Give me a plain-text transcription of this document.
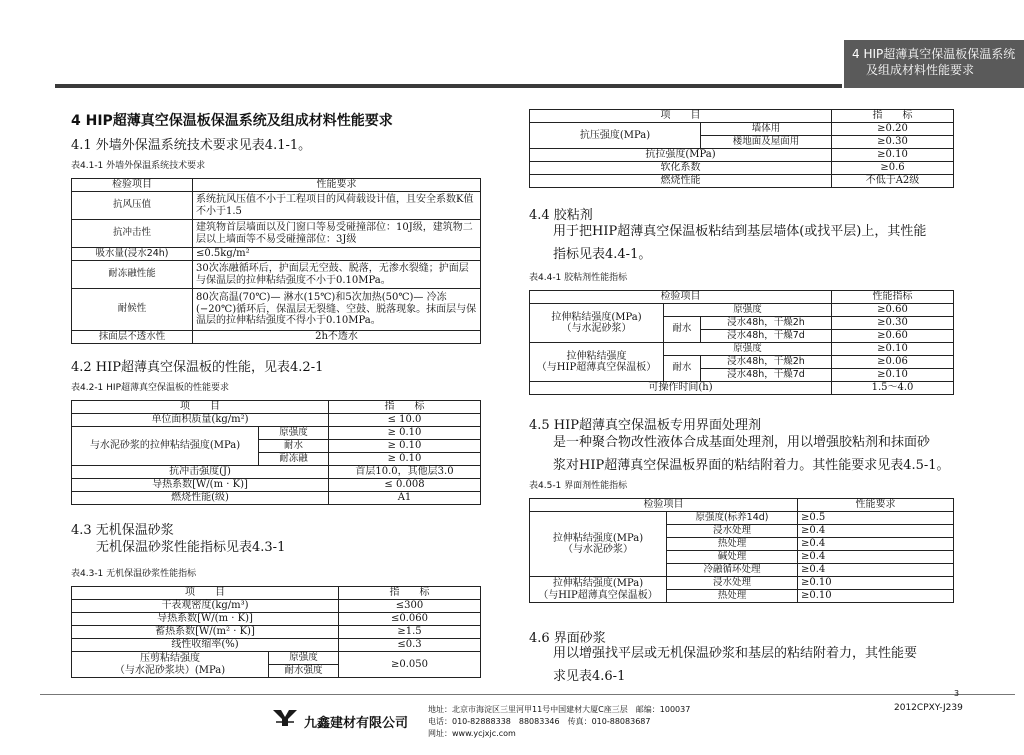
4 HIP超薄真空保温板保温系统
及组成材料性能要求
4 HIP超薄真空保温板保温系统及组成材料性能要求
4.1 外墙外保温系统技术要求见表4.1-1。
表4.1-1 外墙外保温系统技术要求
检验项目	性能要求
抗风压值	系统抗风压值不小于工程项目的风荷载设计值，且安全系数K值不小于1.5
抗冲击性	建筑物首层墙面以及门窗口等易受碰撞部位：10J级，建筑物二层以上墙面等不易受碰撞部位：3J级
吸水量(浸水24h)	≤0.5kg/m²
耐冻融性能	30次冻融循环后，护面层无空鼓、脱落，无渗水裂缝；护面层与保温层的拉伸粘结强度不小于0.10MPa。
耐候性	80次高温(70℃)— 淋水(15℃)和5次加热(50℃)— 冷冻(−20℃)循环后，保温层无裂缝、空鼓、脱落现象。抹面层与保温层的拉伸粘结强度不得小于0.10MPa。
抹面层不透水性	2h不透水
4.2 HIP超薄真空保温板的性能，见表4.2-1
表4.2-1 HIP超薄真空保温板的性能要求
项　　目		指　　标
单位面积质量(kg/m²)		≤ 10.0
与水泥砂浆的拉伸粘结强度(MPa)	原强度	≥ 0.10
	耐水	≥ 0.10
	耐冻融	≥ 0.10
抗冲击强度(J)		首层10.0，其他层3.0
导热系数[W/(m · K)]		≤ 0.008
燃烧性能(级)		A1
4.3 无机保温砂浆
无机保温砂浆性能指标见表4.3-1
表4.3-1 无机保温砂浆性能指标
项　　目		指　　标
干表观密度(kg/m³)		≤300
导热系数[W/(m · K)]		≤0.060
蓄热系数[W/(m² · K)]		≥1.5
线性收缩率(%)		≤0.3
压剪粘结强度
（与水泥砂浆块）(MPa)	原强度	≥0.050
	耐水强度	
项　　目		指　　标
抗压强度(MPa)	墙体用	≥0.20
	楼地面及屋面用	≥0.30
抗拉强度(MPa)		≥0.10
软化系数		≥0.6
燃烧性能		不低于A2级
4.4 胶粘剂
用于把HIP超薄真空保温板粘结到基层墙体(或找平层)上，其性能
指标见表4.4-1。
表4.4-1 胶粘剂性能指标
检验项目			性能指标
拉伸粘结强度(MPa)
（与水泥砂浆）	原强度		≥0.60
	耐水	浸水48h，干燥2h	≥0.30
		浸水48h，干燥7d	≥0.60
拉伸粘结强度
（与HIP超薄真空保温板）	原强度		≥0.10
	耐水	浸水48h，干燥2h	≥0.06
		浸水48h，干燥7d	≥0.10
可操作时间(h)			1.5～4.0
4.5 HIP超薄真空保温板专用界面处理剂
是一种聚合物改性液体合成基面处理剂，用以增强胶粘剂和抹面砂
浆对HIP超薄真空保温板界面的粘结附着力。其性能要求见表4.5-1。
表4.5-1 界面剂性能指标
检验项目		性能要求
拉伸粘结强度(MPa)
（与水泥砂浆）	原强度(标养14d)	≥0.5
	浸水处理	≥0.4
	热处理	≥0.4
	碱处理	≥0.4
	冷融循环处理	≥0.4
拉伸粘结强度(MPa)
（与HIP超薄真空保温板）	浸水处理	≥0.10
	热处理	≥0.10
4.6 界面砂浆
用以增强找平层或无机保温砂浆和基层的粘结附着力，其性能要
求见表4.6-1
3
2012CPXY-J239
九鑫建材有限公司
地址：北京市海淀区三里河甲11号中国建材大厦C座三层　邮编：100037
电话：010-82888338　88083346　传真：010-88083687
网址：www.ycjxjc.com
